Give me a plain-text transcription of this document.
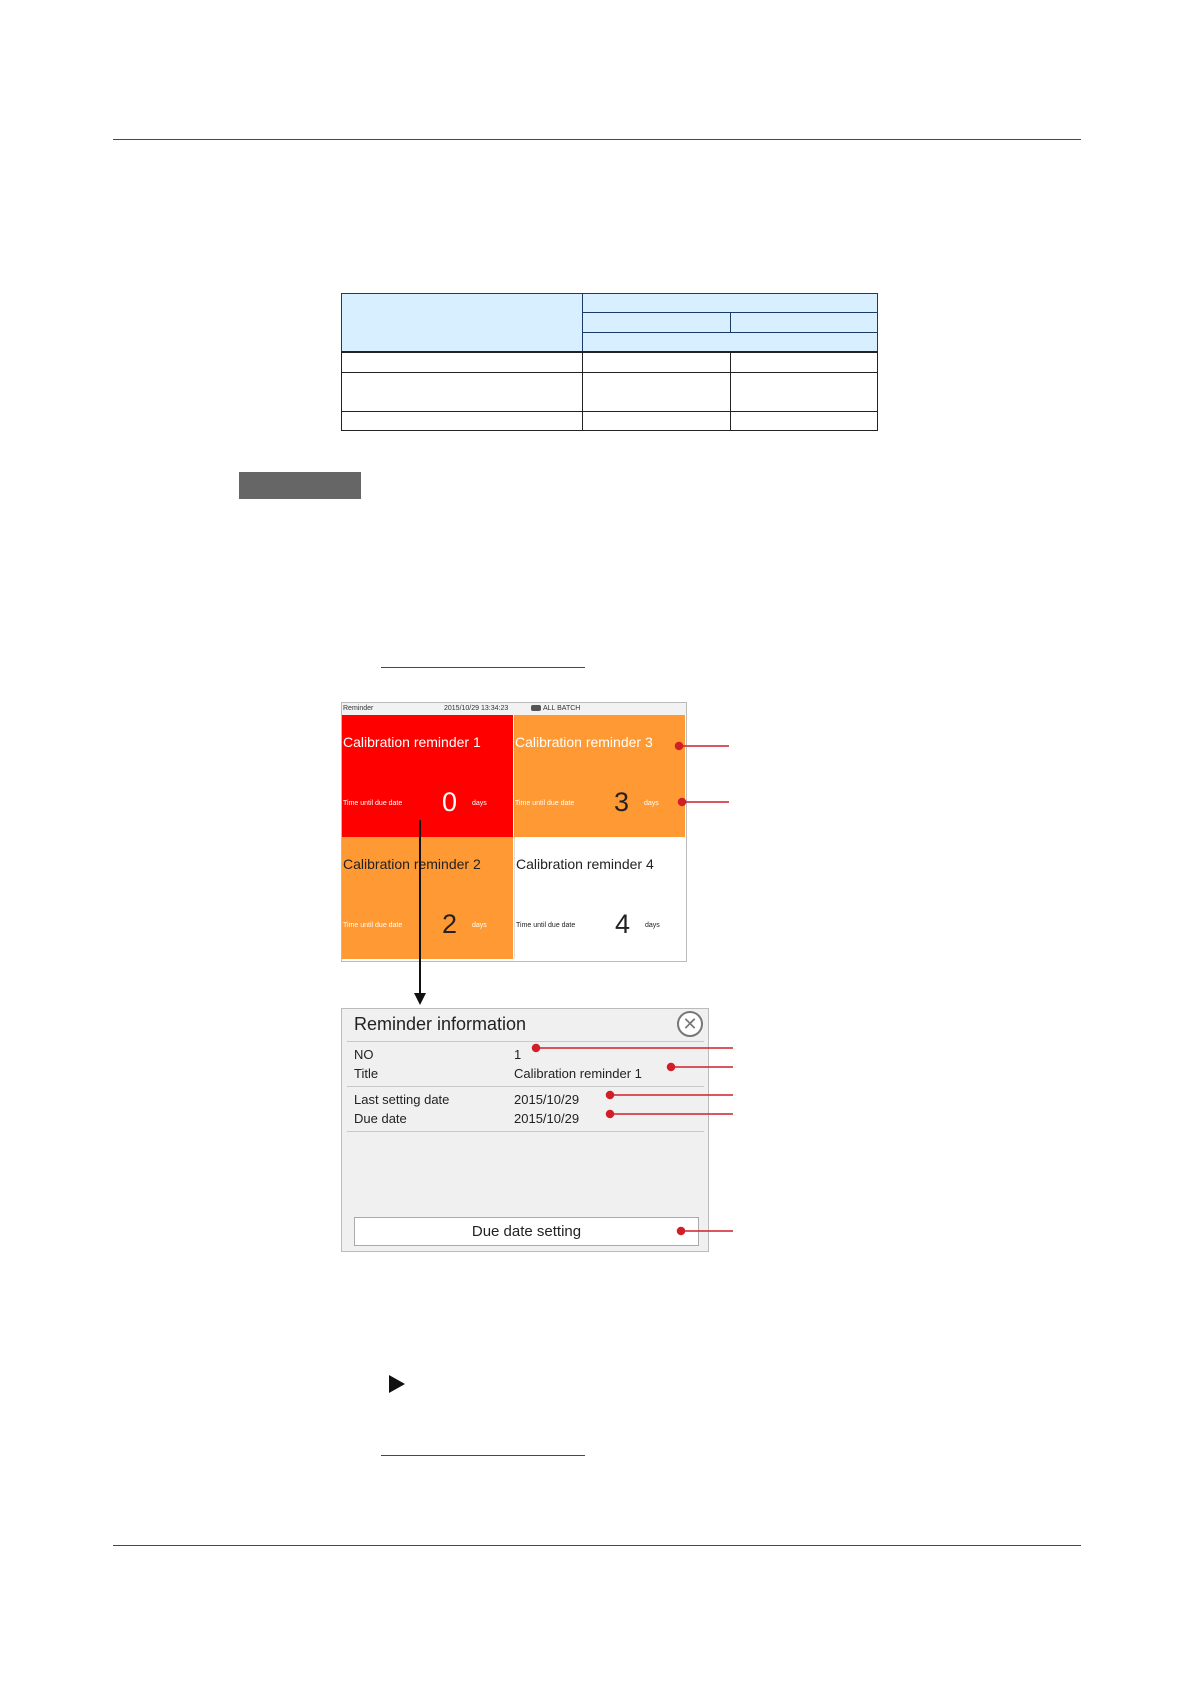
Reminder	2015/10/29 13:34:23	ALL BATCH
Calibration reminder 1
Time until due date 0 days
Calibration reminder 3
Time until due date 3 days
Calibration reminder 2
Time until due date 2 days
Calibration reminder 4
Time until due date 4 days
Reminder information	✕
NO	1
Title	Calibration reminder 1
Last setting date	2015/10/29
Due date	2015/10/29
Due date setting
